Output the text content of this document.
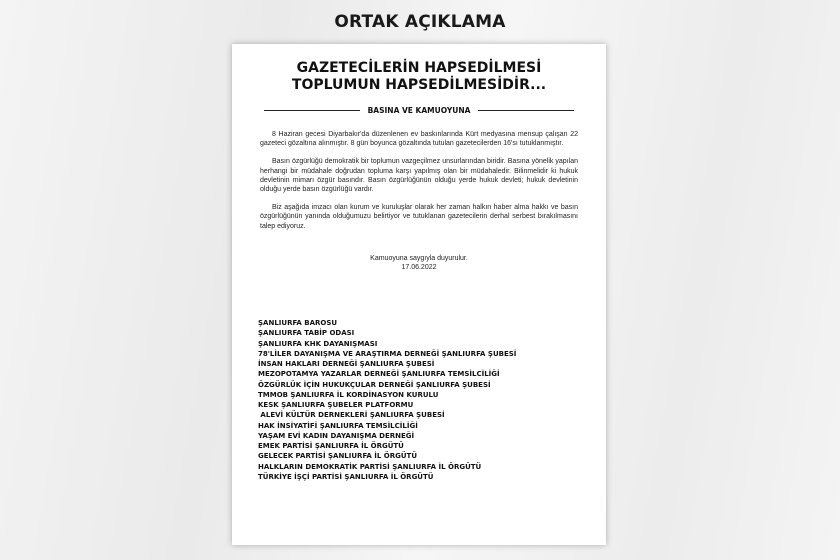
ORTAK AÇIKLAMA
GAZETECİLERİN HAPSEDİLMESİ
TOPLUMUN HAPSEDİLMESİDİR...
BASINA VE KAMUOYUNA

8 Haziran gecesi Diyarbakır'da düzenlenen ev baskınlarında Kürt medyasına mensup çalışan 22 gazeteci gözaltına alınmıştır. 8 gün boyunca gözaltında tutulan gazetecilerden 16'sı tutuklanmıştır.

Basın özgürlüğü demokratik bir toplumun vazgeçilmez unsurlarından biridir. Basına yönelik yapılan herhangi bir müdahale doğrudan topluma karşı yapılmış olan bir müdahaledir. Bilinmelidir ki hukuk devletinin mimarı özgür basındır. Basın özgürlüğünün olduğu yerde hukuk devleti; hukuk devletinin olduğu yerde basın özgürlüğü vardır.

Biz aşağıda imzacı olan kurum ve kuruluşlar olarak her zaman halkın haber alma hakkı ve basın özgürlüğünün yanında olduğumuzu belirtiyor ve tutuklanan gazetecilerin derhal serbest bırakılmasını talep ediyoruz.

Kamuoyuna saygıyla duyurulur.
17.06.2022
ŞANLIURFA BAROSU
ŞANLIURFA TABİP ODASI
ŞANLIURFA KHK DAYANIŞMASI
78'LİLER DAYANIŞMA VE ARAŞTIRMA DERNEĞİ ŞANLIURFA ŞUBESİ
İNSAN HAKLARI DERNEĞİ ŞANLIURFA ŞUBESİ
MEZOPOTAMYA YAZARLAR DERNEĞİ ŞANLIURFA TEMSİLCİLİĞİ
ÖZGÜRLÜK İÇİN HUKUKÇULAR DERNEĞİ ŞANLIURFA ŞUBESİ
TMMOB ŞANLIURFA İL KORDİNASYON KURULU
KESK ŞANLIURFA ŞUBELER PLATFORMU
ALEVİ KÜLTÜR DERNEKLERİ ŞANLIURFA ŞUBESİ
HAK İNSİYATİFİ ŞANLIURFA TEMSİLCİLİĞİ
YAŞAM EVİ KADIN DAYANIŞMA DERNEĞİ
EMEK PARTİSİ ŞANLIURFA İL ÖRGÜTÜ
GELECEK PARTİSİ ŞANLIURFA İL ÖRGÜTÜ
HALKLARIN DEMOKRATİK PARTİSİ ŞANLIURFA İL ÖRGÜTÜ
TÜRKİYE İŞÇİ PARTİSİ ŞANLIURFA İL ÖRGÜTÜ
